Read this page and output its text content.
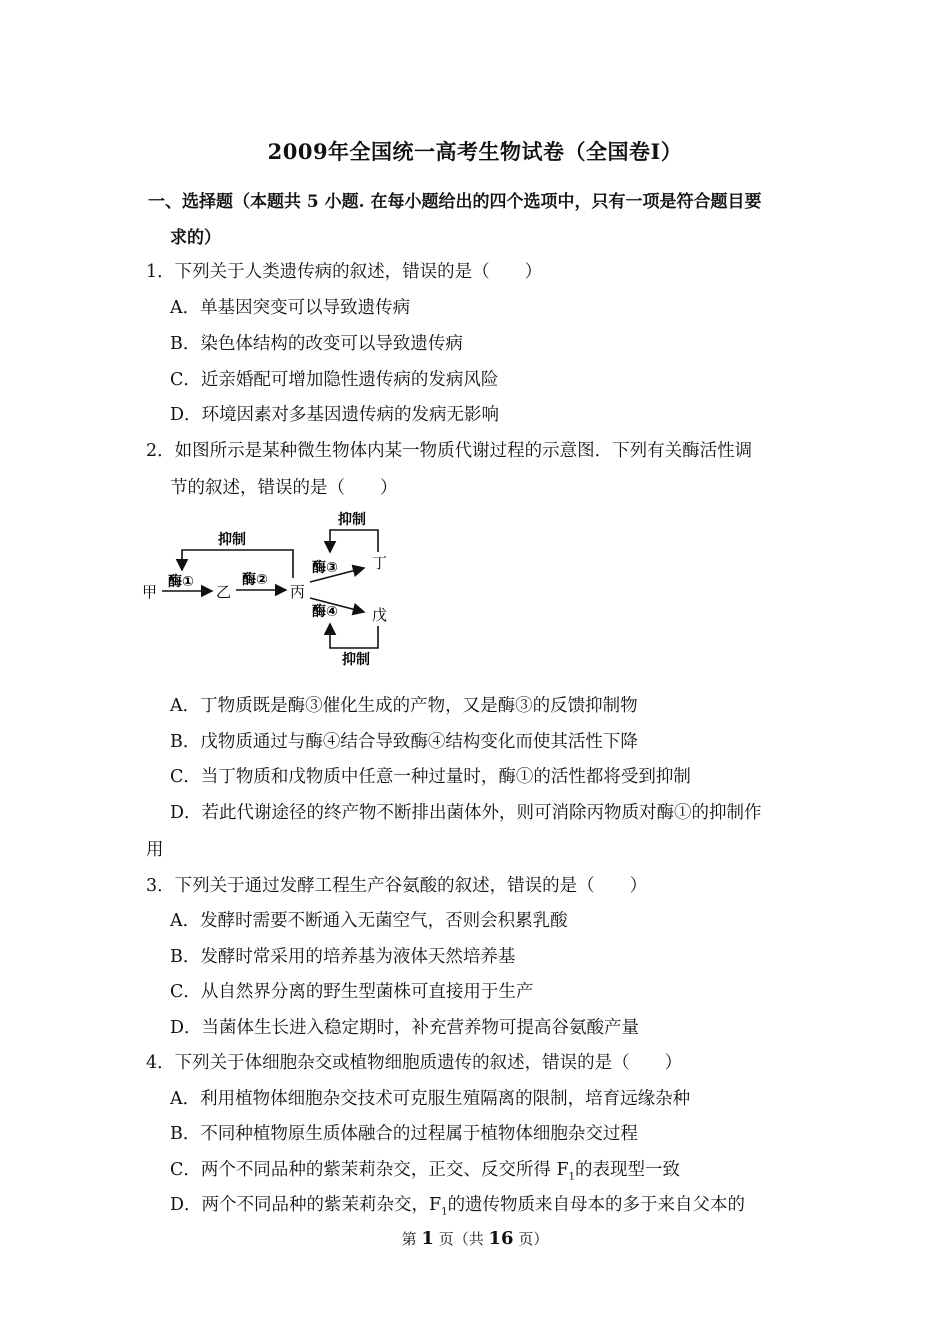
2009年全国统一高考生物试卷（全国卷Ⅰ）
一、选择题（本题共 5 小题. 在每小题给出的四个选项中，只有一项是符合题目要
求的）
1．下列关于人类遗传病的叙述，错误的是（　　）
A．单基因突变可以导致遗传病
B．染色体结构的改变可以导致遗传病
C．近亲婚配可增加隐性遗传病的发病风险
D．环境因素对多基因遗传病的发病无影响
2．如图所示是某种微生物体内某一物质代谢过程的示意图．下列有关酶活性调
节的叙述，错误的是（　　）
抑制
甲
酶①
乙
酶②
丙
酶③ 丁
抑制
酶④ 戊
抑制
A．丁物质既是酶③催化生成的产物，又是酶③的反馈抑制物
B．戊物质通过与酶④结合导致酶④结构变化而使其活性下降
C．当丁物质和戊物质中任意一种过量时，酶①的活性都将受到抑制
D．若此代谢途径的终产物不断排出菌体外，则可消除丙物质对酶①的抑制作
用
3．下列关于通过发酵工程生产谷氨酸的叙述，错误的是（　　）
A．发酵时需要不断通入无菌空气，否则会积累乳酸
B．发酵时常采用的培养基为液体天然培养基
C．从自然界分离的野生型菌株可直接用于生产
D．当菌体生长进入稳定期时，补充营养物可提高谷氨酸产量
4．下列关于体细胞杂交或植物细胞质遗传的叙述，错误的是（　　）
A．利用植物体细胞杂交技术可克服生殖隔离的限制，培育远缘杂种
B．不同种植物原生质体融合的过程属于植物体细胞杂交过程
C．两个不同品种的紫茉莉杂交，正交、反交所得 $F_1$的表现型一致
D．两个不同品种的紫茉莉杂交，$F_1$的遗传物质来自母本的多于来自父本的
第 1 页（共 16 页）
